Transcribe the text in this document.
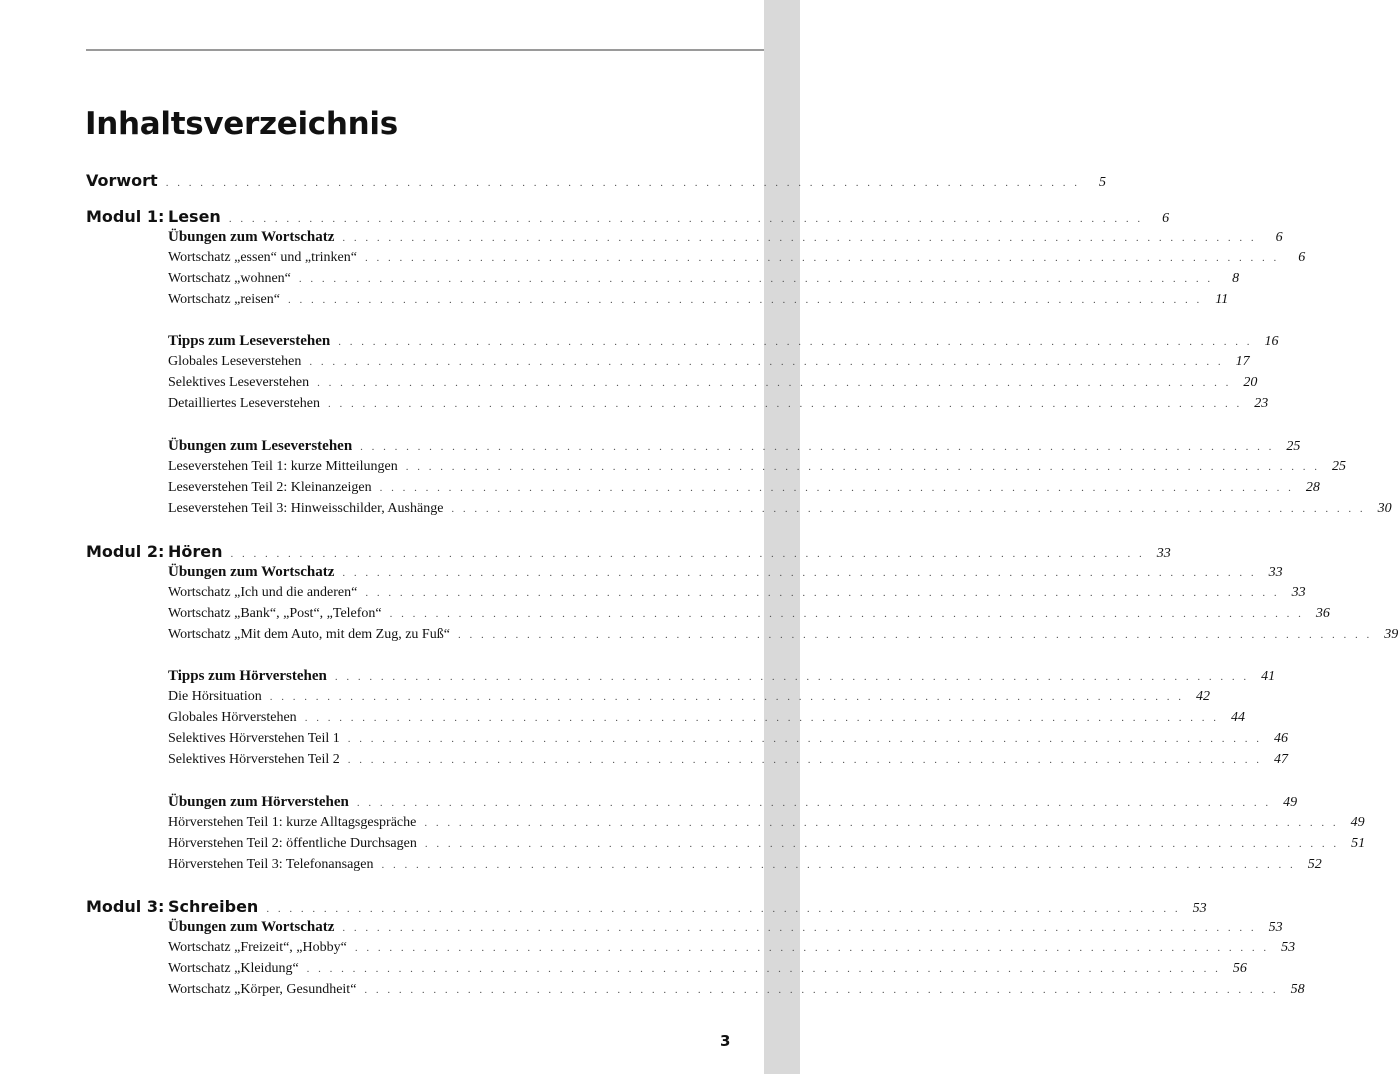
Inhaltsverzeichnis
Vorwort . . . . . . . . . . . . . . . . . . . . . . . . . . . . . . . . . . . . . . . . . . . . . . . . . . . . . . . . . . . . . . . . . . . . . . . . . . . . . . . .	5
Modul 1: Lesen . . . . . . . . . . . . . . . . . . . . . . . . . . . . . . . . . . . . . . . . . . . . . . . . . . . . . . . . . . . . . . . . . . . . . . . . . . . . . . . .	6
Übungen zum Wortschatz . . . . . . . . . . . . . . . . . . . . . . . . . . . . . . . . . . . . . . . . . . . . . . . . . . . . . . . . . . . . . . . . . . . . . . . . . . . . . . . .	6
Wortschatz „essen“ und „trinken“ . . . . . . . . . . . . . . . . . . . . . . . . . . . . . . . . . . . . . . . . . . . . . . . . . . . . . . . . . . . . . . . . . . . . . . . . . . . . . . . .	6
Wortschatz „wohnen“ . . . . . . . . . . . . . . . . . . . . . . . . . . . . . . . . . . . . . . . . . . . . . . . . . . . . . . . . . . . . . . . . . . . . . . . . . . . . . . . .	8
Wortschatz „reisen“ . . . . . . . . . . . . . . . . . . . . . . . . . . . . . . . . . . . . . . . . . . . . . . . . . . . . . . . . . . . . . . . . . . . . . . . . . . . . . . . . 11
Tipps zum Leseverstehen . . . . . . . . . . . . . . . . . . . . . . . . . . . . . . . . . . . . . . . . . . . . . . . . . . . . . . . . . . . . . . . . . . . . . . . . . . . . . . . . 16
Globales Leseverstehen . . . . . . . . . . . . . . . . . . . . . . . . . . . . . . . . . . . . . . . . . . . . . . . . . . . . . . . . . . . . . . . . . . . . . . . . . . . . . . . . 17
Selektives Leseverstehen . . . . . . . . . . . . . . . . . . . . . . . . . . . . . . . . . . . . . . . . . . . . . . . . . . . . . . . . . . . . . . . . . . . . . . . . . . . . . . . . 20
Detailliertes Leseverstehen . . . . . . . . . . . . . . . . . . . . . . . . . . . . . . . . . . . . . . . . . . . . . . . . . . . . . . . . . . . . . . . . . . . . . . . . . . . . . . . . 23
Übungen zum Leseverstehen . . . . . . . . . . . . . . . . . . . . . . . . . . . . . . . . . . . . . . . . . . . . . . . . . . . . . . . . . . . . . . . . . . . . . . . . . . . . . . . . 25
Leseverstehen Teil 1: kurze Mitteilungen . . . . . . . . . . . . . . . . . . . . . . . . . . . . . . . . . . . . . . . . . . . . . . . . . . . . . . . . . . . . . . . . . . . . . . . . . . . . . . . . 25
Leseverstehen Teil 2: Kleinanzeigen . . . . . . . . . . . . . . . . . . . . . . . . . . . . . . . . . . . . . . . . . . . . . . . . . . . . . . . . . . . . . . . . . . . . . . . . . . . . . . . . 28
Leseverstehen Teil 3: Hinweisschilder, Aushänge . . . . . . . . . . . . . . . . . . . . . . . . . . . . . . . . . . . . . . . . . . . . . . . . . . . . . . . . . . . . . . . . . . . . . . . . . . . . . . . . 30
Modul 2: Hören . . . . . . . . . . . . . . . . . . . . . . . . . . . . . . . . . . . . . . . . . . . . . . . . . . . . . . . . . . . . . . . . . . . . . . . . . . . . . . . . 33
Übungen zum Wortschatz . . . . . . . . . . . . . . . . . . . . . . . . . . . . . . . . . . . . . . . . . . . . . . . . . . . . . . . . . . . . . . . . . . . . . . . . . . . . . . . . 33
Wortschatz „Ich und die anderen“ . . . . . . . . . . . . . . . . . . . . . . . . . . . . . . . . . . . . . . . . . . . . . . . . . . . . . . . . . . . . . . . . . . . . . . . . . . . . . . . . 33
Wortschatz „Bank“, „Post“, „Telefon“ . . . . . . . . . . . . . . . . . . . . . . . . . . . . . . . . . . . . . . . . . . . . . . . . . . . . . . . . . . . . . . . . . . . . . . . . . . . . . . . . 36
Wortschatz „Mit dem Auto, mit dem Zug, zu Fuß“ . . . . . . . . . . . . . . . . . . . . . . . . . . . . . . . . . . . . . . . . . . . . . . . . . . . . . . . . . . . . . . . . . . . . . . . . . . . . . . . . 39
Tipps zum Hörverstehen . . . . . . . . . . . . . . . . . . . . . . . . . . . . . . . . . . . . . . . . . . . . . . . . . . . . . . . . . . . . . . . . . . . . . . . . . . . . . . . . 41
Die Hörsituation . . . . . . . . . . . . . . . . . . . . . . . . . . . . . . . . . . . . . . . . . . . . . . . . . . . . . . . . . . . . . . . . . . . . . . . . . . . . . . . . 42
Globales Hörverstehen . . . . . . . . . . . . . . . . . . . . . . . . . . . . . . . . . . . . . . . . . . . . . . . . . . . . . . . . . . . . . . . . . . . . . . . . . . . . . . . . 44
Selektives Hörverstehen Teil 1 . . . . . . . . . . . . . . . . . . . . . . . . . . . . . . . . . . . . . . . . . . . . . . . . . . . . . . . . . . . . . . . . . . . . . . . . . . . . . . . . 46
Selektives Hörverstehen Teil 2 . . . . . . . . . . . . . . . . . . . . . . . . . . . . . . . . . . . . . . . . . . . . . . . . . . . . . . . . . . . . . . . . . . . . . . . . . . . . . . . . 47
Übungen zum Hörverstehen . . . . . . . . . . . . . . . . . . . . . . . . . . . . . . . . . . . . . . . . . . . . . . . . . . . . . . . . . . . . . . . . . . . . . . . . . . . . . . . . 49
Hörverstehen Teil 1: kurze Alltagsgespräche . . . . . . . . . . . . . . . . . . . . . . . . . . . . . . . . . . . . . . . . . . . . . . . . . . . . . . . . . . . . . . . . . . . . . . . . . . . . . . . . 49
Hörverstehen Teil 2: öffentliche Durchsagen . . . . . . . . . . . . . . . . . . . . . . . . . . . . . . . . . . . . . . . . . . . . . . . . . . . . . . . . . . . . . . . . . . . . . . . . . . . . . . . . 51
Hörverstehen Teil 3: Telefonansagen . . . . . . . . . . . . . . . . . . . . . . . . . . . . . . . . . . . . . . . . . . . . . . . . . . . . . . . . . . . . . . . . . . . . . . . . . . . . . . . . 52
Modul 3: Schreiben . . . . . . . . . . . . . . . . . . . . . . . . . . . . . . . . . . . . . . . . . . . . . . . . . . . . . . . . . . . . . . . . . . . . . . . . . . . . . . . . 53
Übungen zum Wortschatz . . . . . . . . . . . . . . . . . . . . . . . . . . . . . . . . . . . . . . . . . . . . . . . . . . . . . . . . . . . . . . . . . . . . . . . . . . . . . . . . 53
Wortschatz „Freizeit“, „Hobby“ . . . . . . . . . . . . . . . . . . . . . . . . . . . . . . . . . . . . . . . . . . . . . . . . . . . . . . . . . . . . . . . . . . . . . . . . . . . . . . . . 53
Wortschatz „Kleidung“ . . . . . . . . . . . . . . . . . . . . . . . . . . . . . . . . . . . . . . . . . . . . . . . . . . . . . . . . . . . . . . . . . . . . . . . . . . . . . . . . 56
Wortschatz „Körper, Gesundheit“ . . . . . . . . . . . . . . . . . . . . . . . . . . . . . . . . . . . . . . . . . . . . . . . . . . . . . . . . . . . . . . . . . . . . . . . . . . . . . . . . 58
3
